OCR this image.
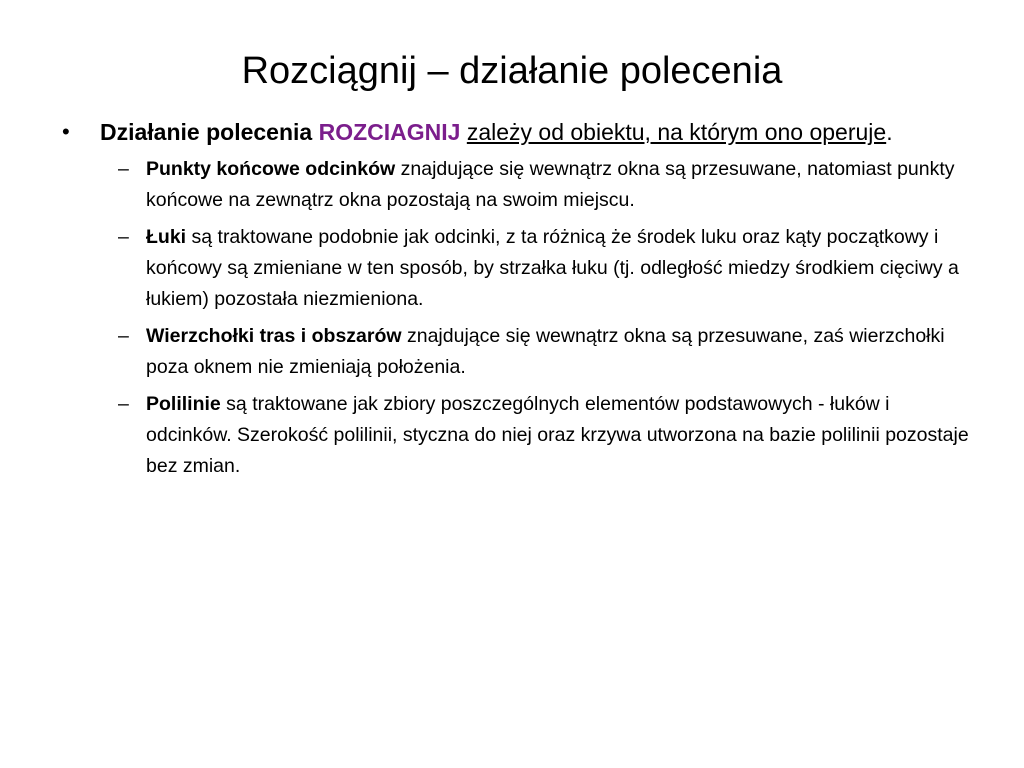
Rozciągnij – działanie polecenia
• Działanie polecenia ROZCIAGNIJ zależy od obiektu, na którym ono operuje.
– Punkty końcowe odcinków znajdujące się wewnątrz okna są przesuwane, natomiast punkty końcowe na zewnątrz okna pozostają na swoim miejscu.
– Łuki są traktowane podobnie jak odcinki, z ta różnicą że środek luku oraz kąty początkowy i końcowy są zmieniane w ten sposób, by strzałka łuku (tj. odległość miedzy środkiem cięciwy a łukiem) pozostała niezmieniona.
– Wierzchołki tras i obszarów znajdujące się wewnątrz okna są przesuwane, zaś wierzchołki poza oknem nie zmieniają położenia.
– Polilinie są traktowane jak zbiory poszczególnych elementów podstawowych - łuków i odcinków. Szerokość polilinii, styczna do niej oraz krzywa utworzona na bazie polilinii pozostaje bez zmian.
